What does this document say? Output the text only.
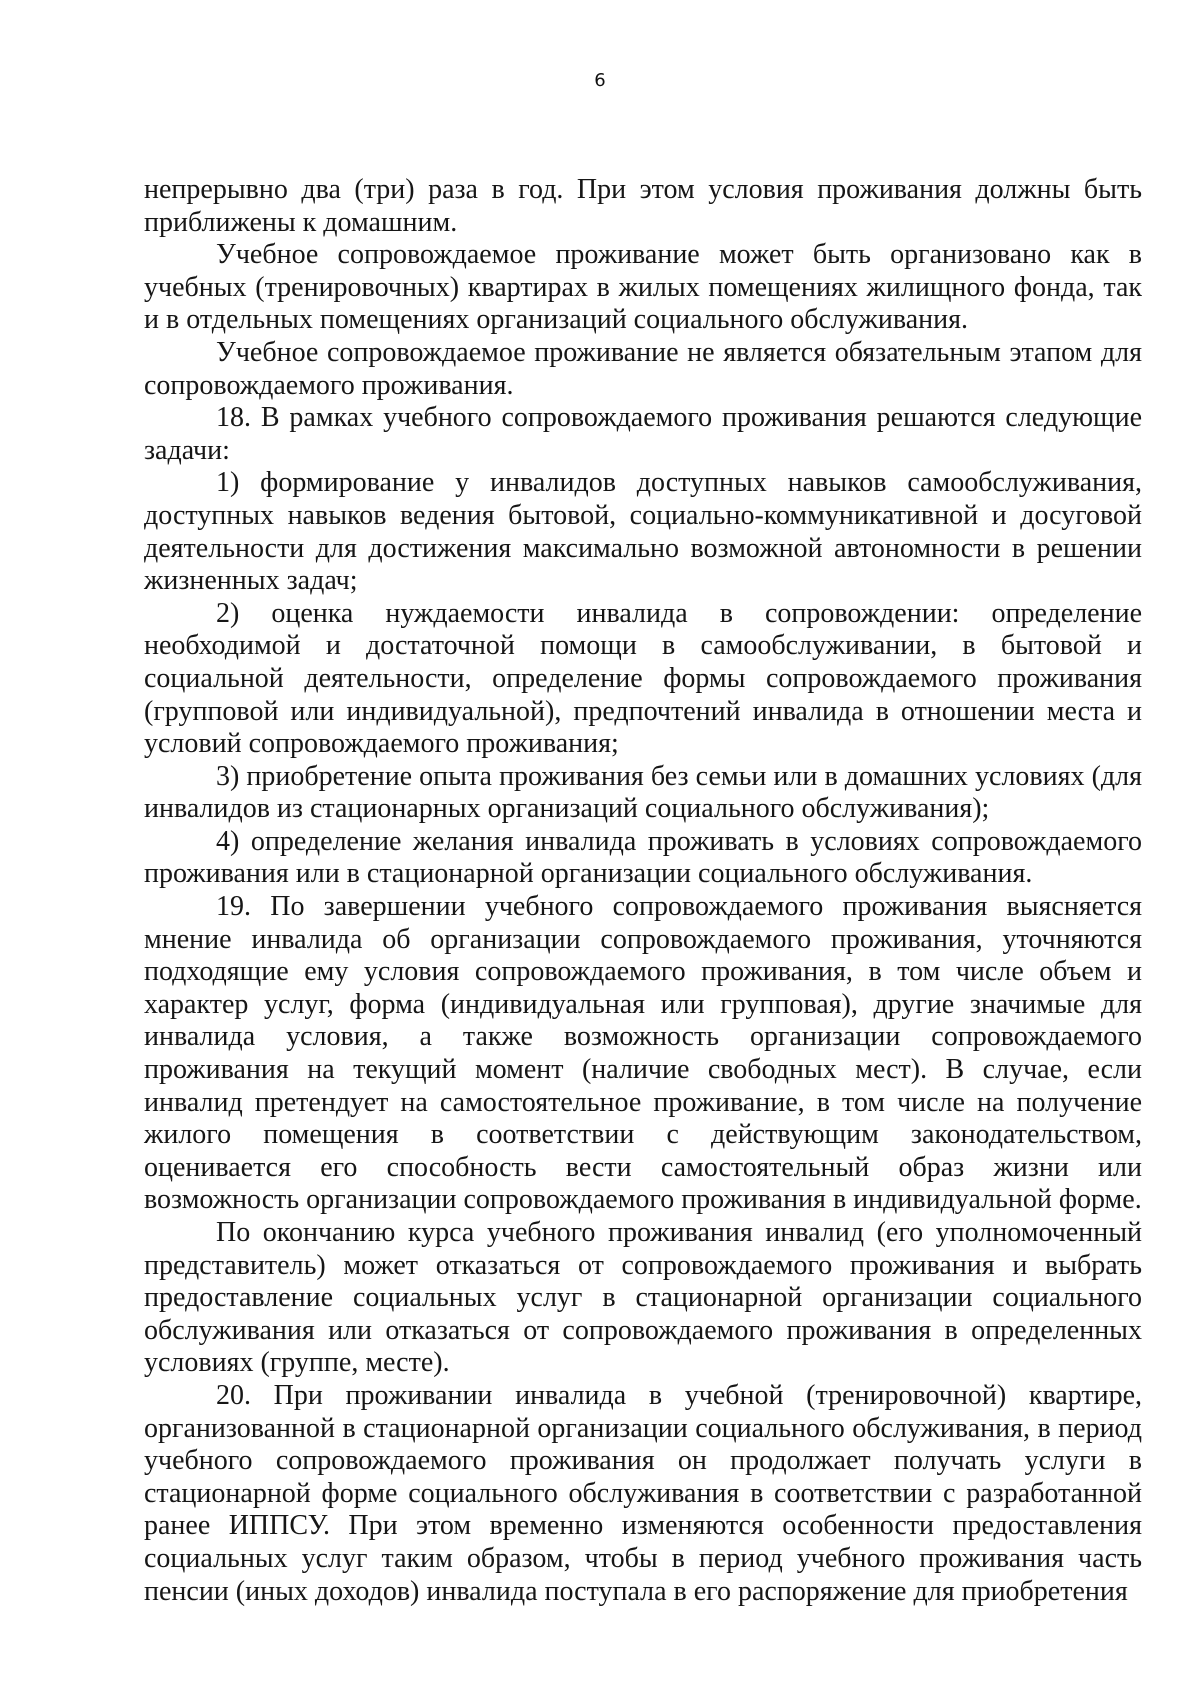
6

непрерывно два (три) раза в год. При этом условия проживания должны быть приближены к домашним.

Учебное сопровождаемое проживание может быть организовано как в учебных (тренировочных) квартирах в жилых помещениях жилищного фонда, так и в отдельных помещениях организаций социального обслуживания.

Учебное сопровождаемое проживание не является обязательным этапом для сопровождаемого проживания.

18. В рамках учебного сопровождаемого проживания решаются следующие задачи:

1) формирование у инвалидов доступных навыков самообслуживания, доступных навыков ведения бытовой, социально-коммуникативной и досуговой деятельности для достижения максимально возможной автономности в решении жизненных задач;

2) оценка нуждаемости инвалида в сопровождении: определение необходимой и достаточной помощи в самообслуживании, в бытовой и социальной деятельности, определение формы сопровождаемого проживания (групповой или индивидуальной), предпочтений инвалида в отношении места и условий сопровождаемого проживания;

3) приобретение опыта проживания без семьи или в домашних условиях (для инвалидов из стационарных организаций социального обслуживания);

4) определение желания инвалида проживать в условиях сопровождаемого проживания или в стационарной организации социального обслуживания.

19. По завершении учебного сопровождаемого проживания выясняется мнение инвалида об организации сопровождаемого проживания, уточняются подходящие ему условия сопровождаемого проживания, в том числе объем и характер услуг, форма (индивидуальная или групповая), другие значимые для инвалида условия, а также возможность организации сопровождаемого проживания на текущий момент (наличие свободных мест). В случае, если инвалид претендует на самостоятельное проживание, в том числе на получение жилого помещения в соответствии с действующим законодательством, оценивается его способность вести самостоятельный образ жизни или возможность организации сопровождаемого проживания в индивидуальной форме.

По окончанию курса учебного проживания инвалид (его уполномоченный представитель) может отказаться от сопровождаемого проживания и выбрать предоставление социальных услуг в стационарной организации социального обслуживания или отказаться от сопровождаемого проживания в определенных условиях (группе, месте).

20. При проживании инвалида в учебной (тренировочной) квартире, организованной в стационарной организации социального обслуживания, в период учебного сопровождаемого проживания он продолжает получать услуги в стационарной форме социального обслуживания в соответствии с разработанной ранее ИППСУ. При этом временно изменяются особенности предоставления социальных услуг таким образом, чтобы в период учебного проживания часть пенсии (иных доходов) инвалида поступала в его распоряжение для приобретения
